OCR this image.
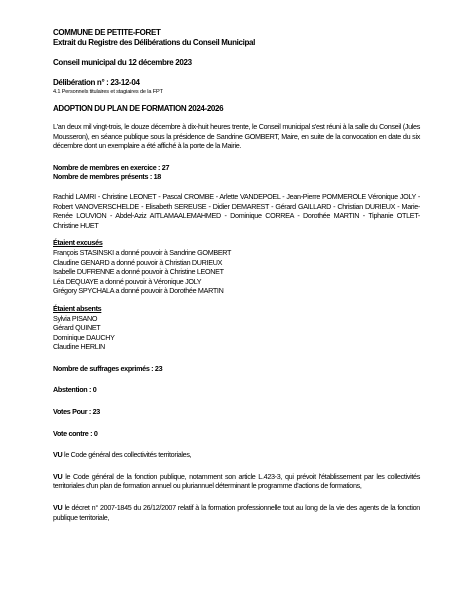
COMMUNE DE PETITE-FORET
Extrait du Registre des Délibérations du Conseil Municipal
Conseil municipal du 12 décembre 2023
Délibération n° : 23-12-04
4.1 Personnels titulaires et stagiaires de la FPT
ADOPTION DU PLAN DE FORMATION 2024-2026
L'an deux mil vingt-trois, le douze décembre à dix-huit heures trente, le Conseil municipal s'est réuni à la salle du Conseil (Jules Mousseron), en séance publique sous la présidence de Sandrine GOMBERT, Maire, en suite de la convocation en date du six décembre dont un exemplaire a été affiché à la porte de la Mairie.
Nombre de membres en exercice : 27
Nombre de membres présents : 18
Rachid LAMRI - Christine LEONET - Pascal CROMBE - Arlette VANDEPOEL - Jean-Pierre POMMEROLE Véronique JOLY - Robert VANOVERSCHELDE - Elisabeth SEREUSE - Didier DEMAREST - Gérard GAILLARD - Christian DURIEUX - Marie-Renée LOUVION - Abdel-Aziz AITLAMAALEMAHMED - Dominique CORREA - Dorothée MARTIN - Tiphanie OTLET- Christine HUET
Étaient excusés
François STASINSKI a donné pouvoir à Sandrine GOMBERT
Claudine GENARD a donné pouvoir à Christian DURIEUX
Isabelle DUFRENNE a donné pouvoir à Christine LEONET
Léa DEQUAYE a donné pouvoir à Véronique JOLY
Grégory SPYCHALA a donné pouvoir à Dorothée MARTIN
Étaient absents
Sylvia PISANO
Gérard QUINET
Dominique DAUCHY
Claudine HERLIN
Nombre de suffrages exprimés : 23
Abstention : 0
Votes Pour : 23
Vote contre : 0
VU le Code général des collectivités territoriales,
VU le Code général de la fonction publique, notamment son article L.423-3, qui prévoit l'établissement par les collectivités territoriales d'un plan de formation annuel ou pluriannuel déterminant le programme d'actions de formations,
VU le décret n° 2007-1845 du 26/12/2007 relatif à la formation professionnelle tout au long de la vie des agents de la fonction publique territoriale,
